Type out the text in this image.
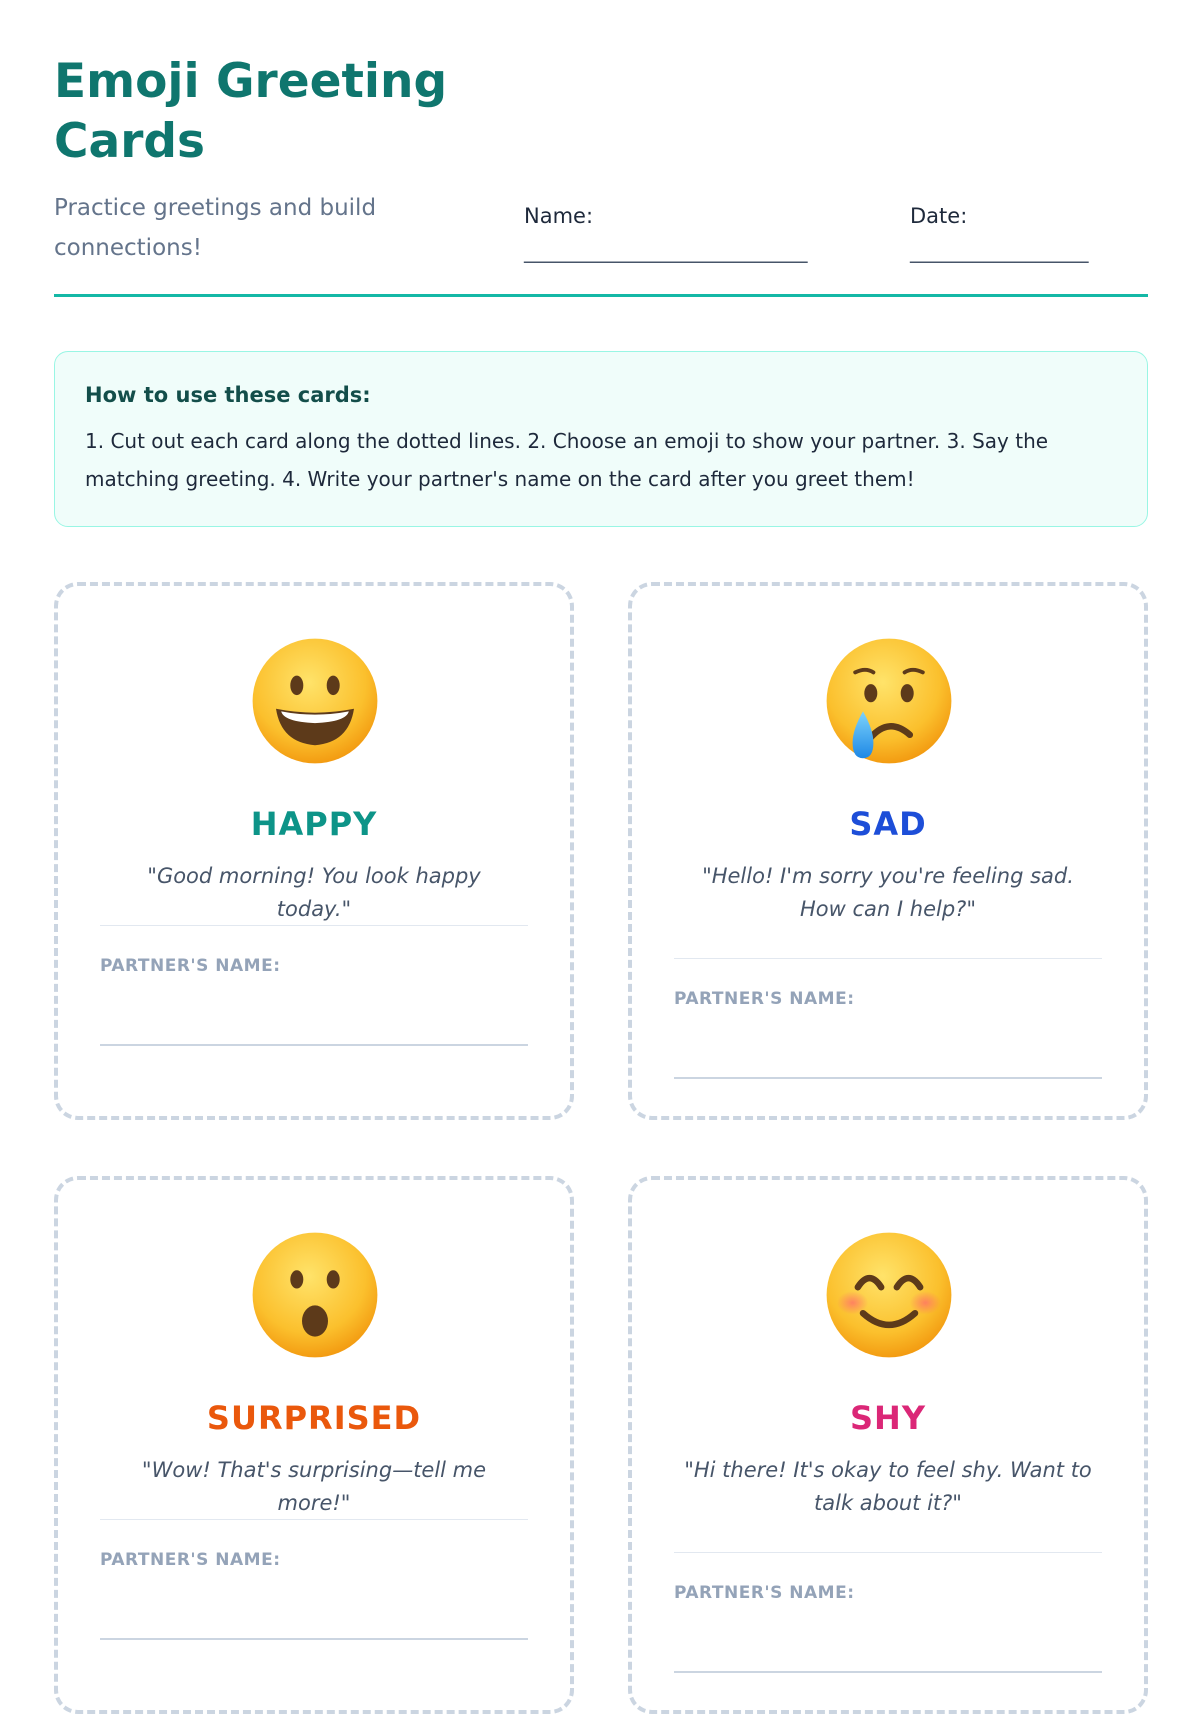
Emoji Greeting Cards
Practice greetings and build connections!
Name:
___________________________
Date:
_________________
How to use these cards:
1. Cut out each card along the dotted lines. 2. Choose an emoji to show your partner. 3. Say the matching greeting. 4. Write your partner's name on the card after you greet them!
HAPPY
"Good morning! You look happy today."
PARTNER'S NAME:
SAD
"Hello! I'm sorry you're feeling sad. How can I help?"
PARTNER'S NAME:
SURPRISED
"Wow! That's surprising—tell me more!"
PARTNER'S NAME:
SHY
"Hi there! It's okay to feel shy. Want to talk about it?"
PARTNER'S NAME:
